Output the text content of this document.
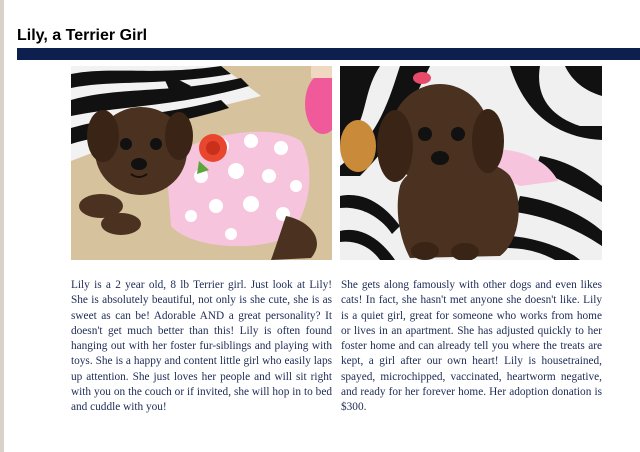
Lily, a Terrier Girl

Lily is a 2 year old, 8 lb Terrier girl. Just look at Lily! She is absolutely beautiful, not only is she cute, she is as sweet as can be! Adorable AND a great personality? It doesn't get much better than this! Lily is often found hanging out with her foster fur-siblings and playing with toys. She is a happy and content little girl who easily laps up attention. She just loves her people and will sit right with you on the couch or if invited, she will hop in to bed and cuddle with you!

She gets along famously with other dogs and even likes cats! In fact, she hasn't met anyone she doesn't like. Lily is a quiet girl, great for someone who works from home or lives in an apartment. She has adjusted quickly to her foster home and can already tell you where the treats are kept, a girl after our own heart! Lily is housetrained, spayed, microchipped, vaccinated, heartworm negative, and ready for her forever home. Her adoption donation is $300.
